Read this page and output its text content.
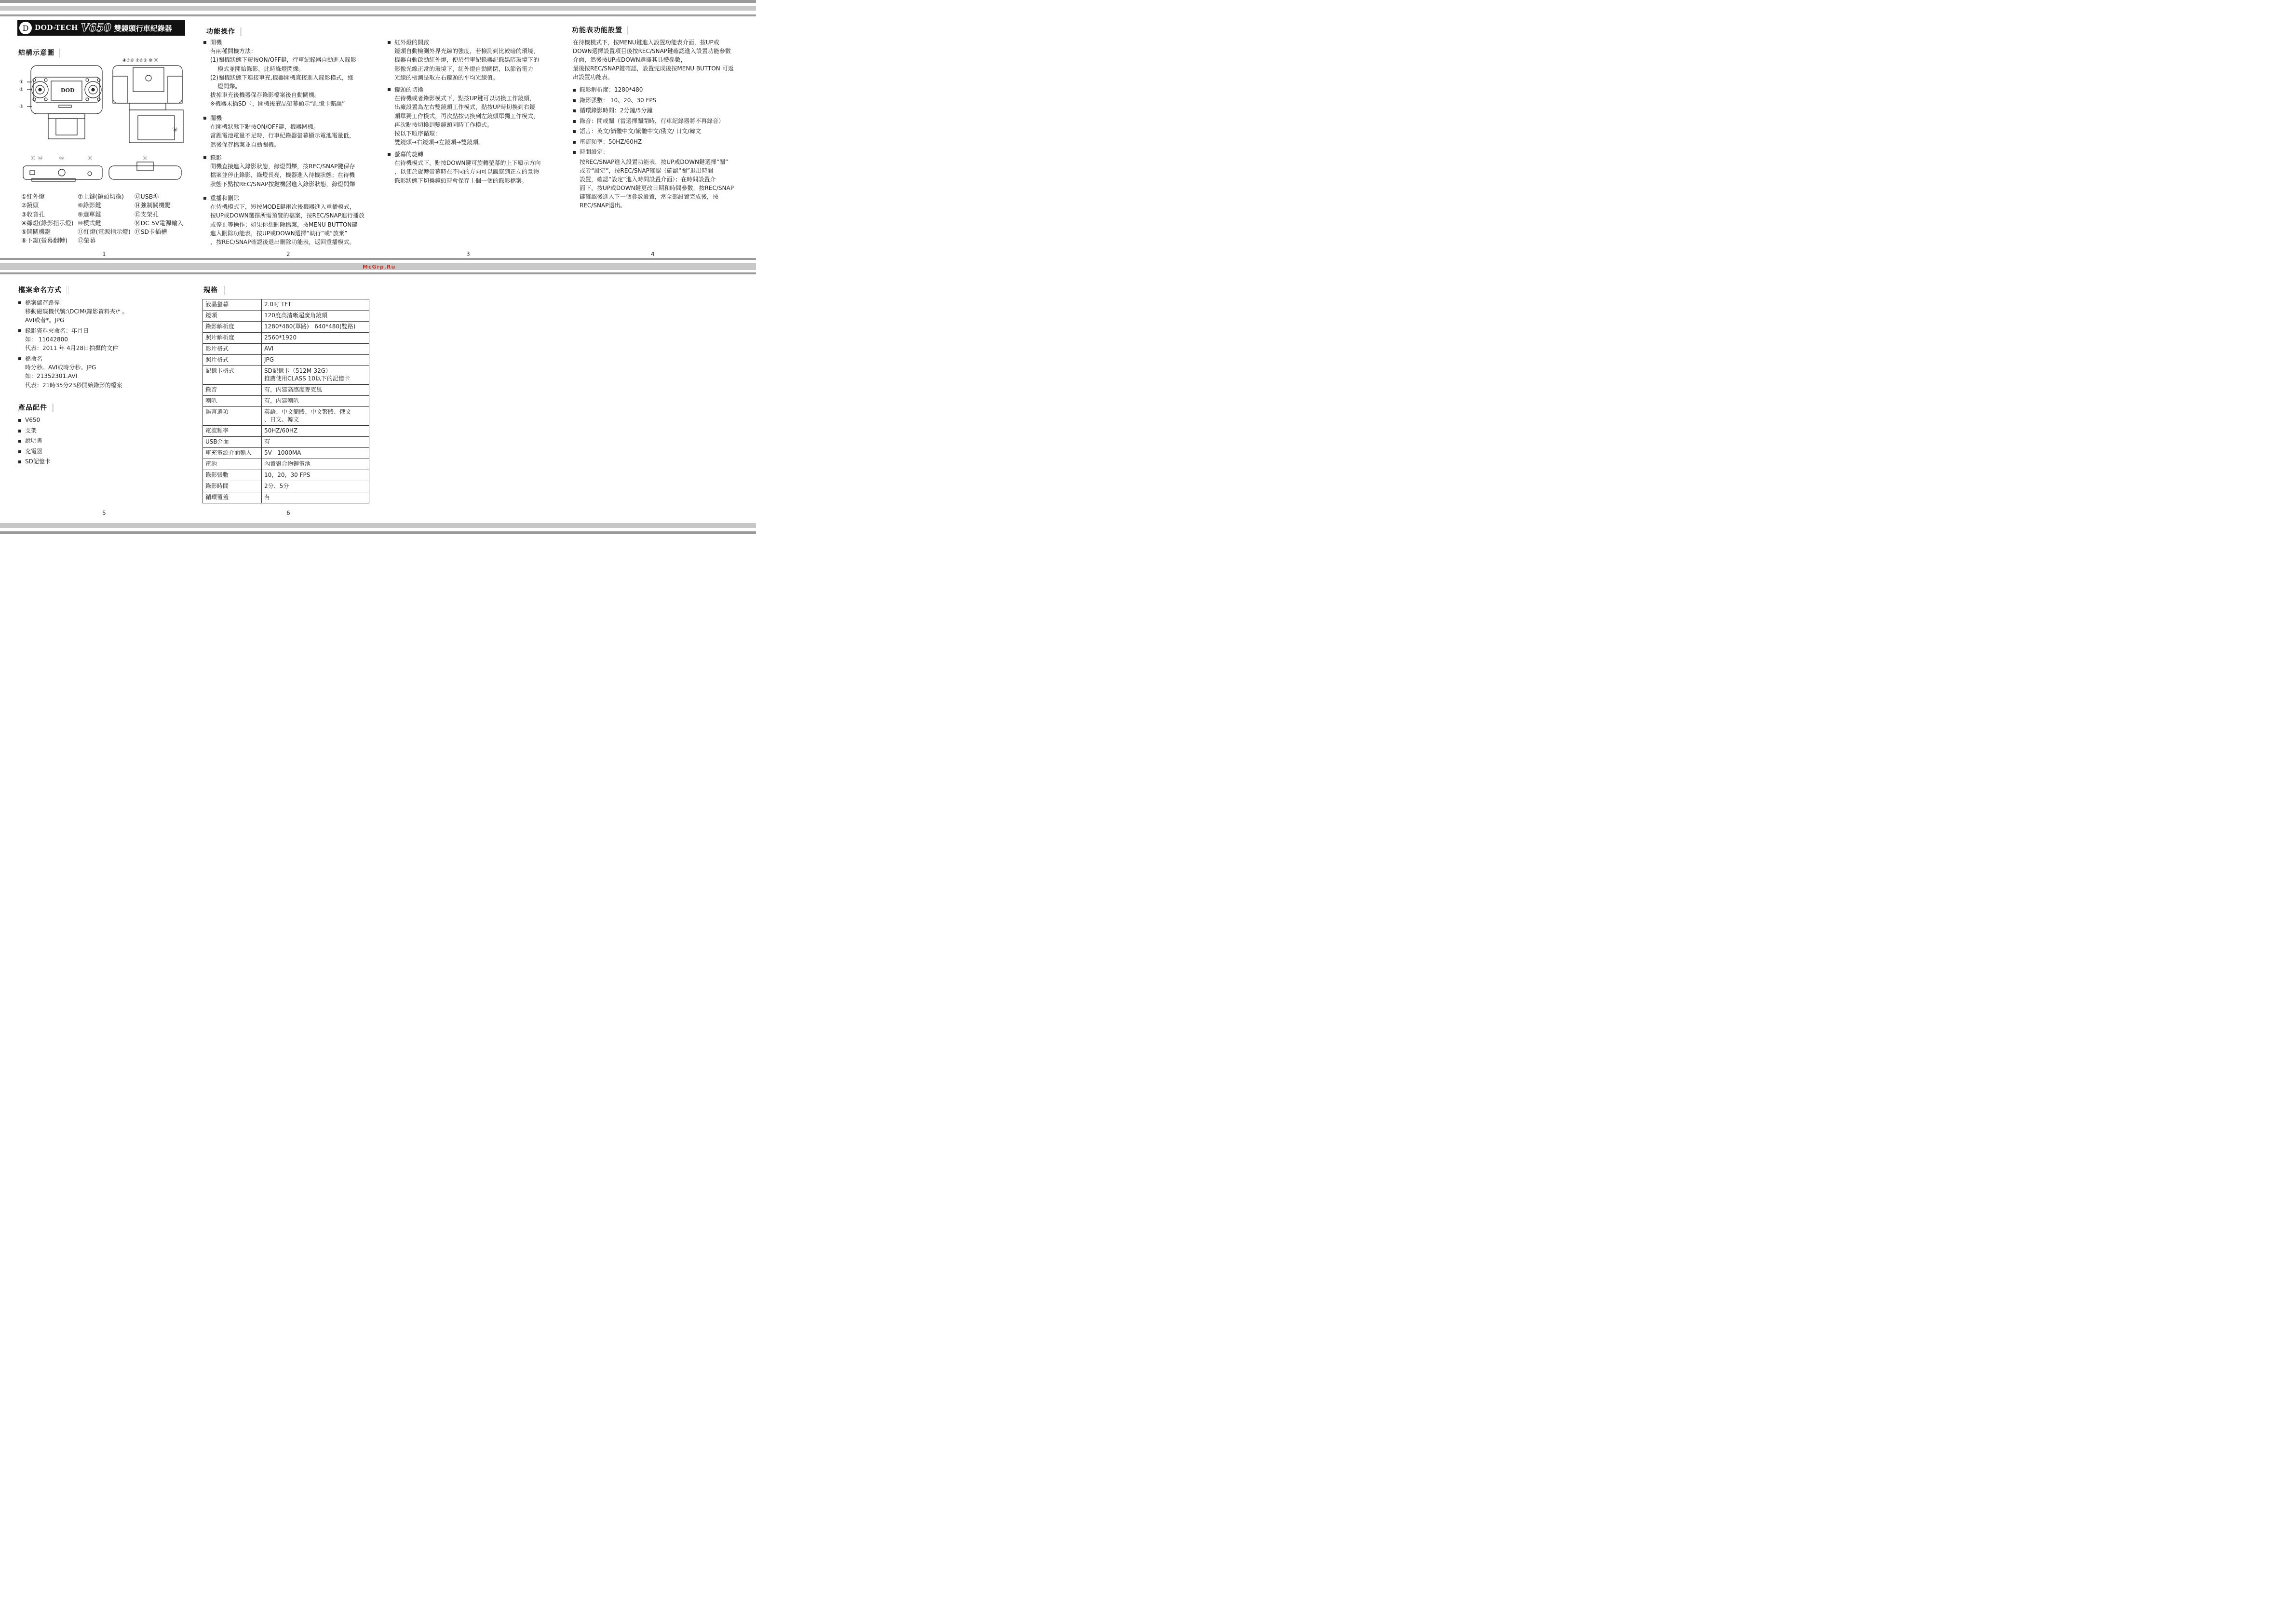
McGrp.Ru
D DOD-TECH V650 雙鏡頭行車紀錄器
結構示意圖
DOD
①
②
③
④⑤⑥ ⑦⑧⑨ ⑩ ⑪
⑫
⑬ ⑭	⑮	⑯	⑰
①紅外燈
②鏡頭
③收音孔
④綠燈(錄影指示燈)
⑤開關機鍵
⑥下鍵(螢幕翻轉)
⑦上鍵(鏡頭切換)
⑧錄影鍵
⑨選單鍵
⑩模式鍵
⑪紅燈(電源指示燈)
⑫螢幕
⑬USB埠
⑭強制關機鍵
⑮支架孔
⑯DC 5V電源輸入
⑰SD卡插槽
功能操作
開機
有兩種開機方法：
(1)關機狀態下短按ON/OFF鍵，行車紀錄器自動進入錄影
模式並開始錄影，此時綠燈閃爍。
(2)關機狀態下連接車充,機器開機直接進入錄影模式，綠
燈閃爍。
拔掉車充後機器保存錄影檔案後自動關機。
※機器未插SD卡，開機後液晶螢幕顯示“記憶卡錯誤”
關機
在開機狀態下點按ON/OFF鍵，機器關機。
當鋰電池電量不足時，行車紀錄器螢幕顯示電池電量低，
然後保存檔案並自動關機。
錄影
開機直接進入錄影狀態，綠燈閃爍，按REC/SNAP鍵保存
檔案並停止錄影，綠燈長亮，機器進入待機狀態；在待機
狀態下點按REC/SNAP按鍵機器進入錄影狀態，綠燈閃爍
重播和刪除
在待機模式下，短按MODE鍵兩次後機器進入重播模式，
按UP或DOWN選擇所需預覽的檔案，按REC/SNAP進行播放
或停止等操作；如果你想刪除檔案，按MENU BUTTON鍵
進入刪除功能表，按UP或DOWN選擇“執行”或“放棄”
，按REC/SNAP確認後退出刪除功能表，返回重播模式。
紅外燈的開啟
鏡頭自動檢測外界光線的強度，若檢測到比較暗的環境，
機器自動啟動紅外燈，便於行車紀錄器記錄黑暗環境下的
影像光線正常的環境下，紅外燈自動關閉，以節省電力
光線的檢測是取左右鏡頭的平均光線值。
鏡頭的切換
在待機或者錄影模式下，點按UP鍵可以切換工作鏡頭，
出廠設置為左右雙鏡頭工作模式，點按UP時切換到右鏡
頭單獨工作模式，再次點按切換到左鏡頭單獨工作模式，
再次點按切換到雙鏡頭同時工作模式。
按以下順序循環：
雙鏡頭→右鏡頭→左鏡頭→雙鏡頭。
螢幕的旋轉
在待機模式下，點按DOWN鍵可旋轉螢幕的上下顯示方向
，以便於旋轉螢幕時在不同的方向可以觀察到正立的景物
錄影狀態下切換鏡頭時會保存上個一個的錄影檔案。
功能表功能設置
在待機模式下，按MENU鍵進入設置功能表介面，按UP或
DOWN選擇設置項目後按REC/SNAP鍵確認進入設置功能參數
介面，然後按UP或DOWN選擇其具體參數，
最後按REC/SNAP鍵確認，設置完成後按MENU BUTTON 可返
出設置功能表。
錄影解析度：1280*480
錄影張數： 10、20、30 FPS
循環錄影時間：2分鐘/5分鐘
錄音：開或關（當選擇關閉時，行車紀錄器將不再錄音）
語言：英文/簡體中文/繁體中文/俄文/ 日文/韓文
電流頻率：50HZ/60HZ
時間設定：
按REC/SNAP進入設置功能表，按UP或DOWN鍵選擇“關”
或者“設定”，按REC/SNAP確認（確認“關”退出時間
設置，確認“設定”進入時間設置介面）；在時間設置介
面下，按UP或DOWN鍵更改日期和時間參數，按REC/SNAP
鍵確認後進入下一個參數設置，當全部設置完成後，按
REC/SNAP退出。
檔案命名方式
檔案儲存路徑
移動磁碟機代號:\DCIM\錄影資料夾\* 。
AVI或者*。JPG
錄影資料夾命名：年月日
如： 11042800
代表：2011 年 4月28日拍攝的文件
檔命名
時分秒。AVI或時分秒。JPG
如：21352301.AVI
代表：21時35分23秒開始錄影的檔案
產品配件
V650
支架
說明書
充電器
SD記憶卡
規格
液晶螢幕	2.0吋 TFT
鏡頭	120度高清晰超廣角鏡頭
錄影解析度	1280*480(單路)   640*480(雙路)
照片解析度	2560*1920
影片格式	AVI
照片格式	JPG
記憶卡格式	SD記憶卡（512M-32G）
推薦使用CLASS 10以下的記憶卡
錄音	有，內建高感度麥克風
喇叭	有，內建喇叭
語言選項	英語、中文簡體、中文繁體、俄文
、日文、韓文
電流頻率	50HZ/60HZ
USB介面	有
車充電源介面輸入	5V   1000MA
電池	內置聚合物鋰電池
錄影張數	10，20，30 FPS
錄影時間	2分、5分
循環覆蓋	有
1	2	3	4
5	6
